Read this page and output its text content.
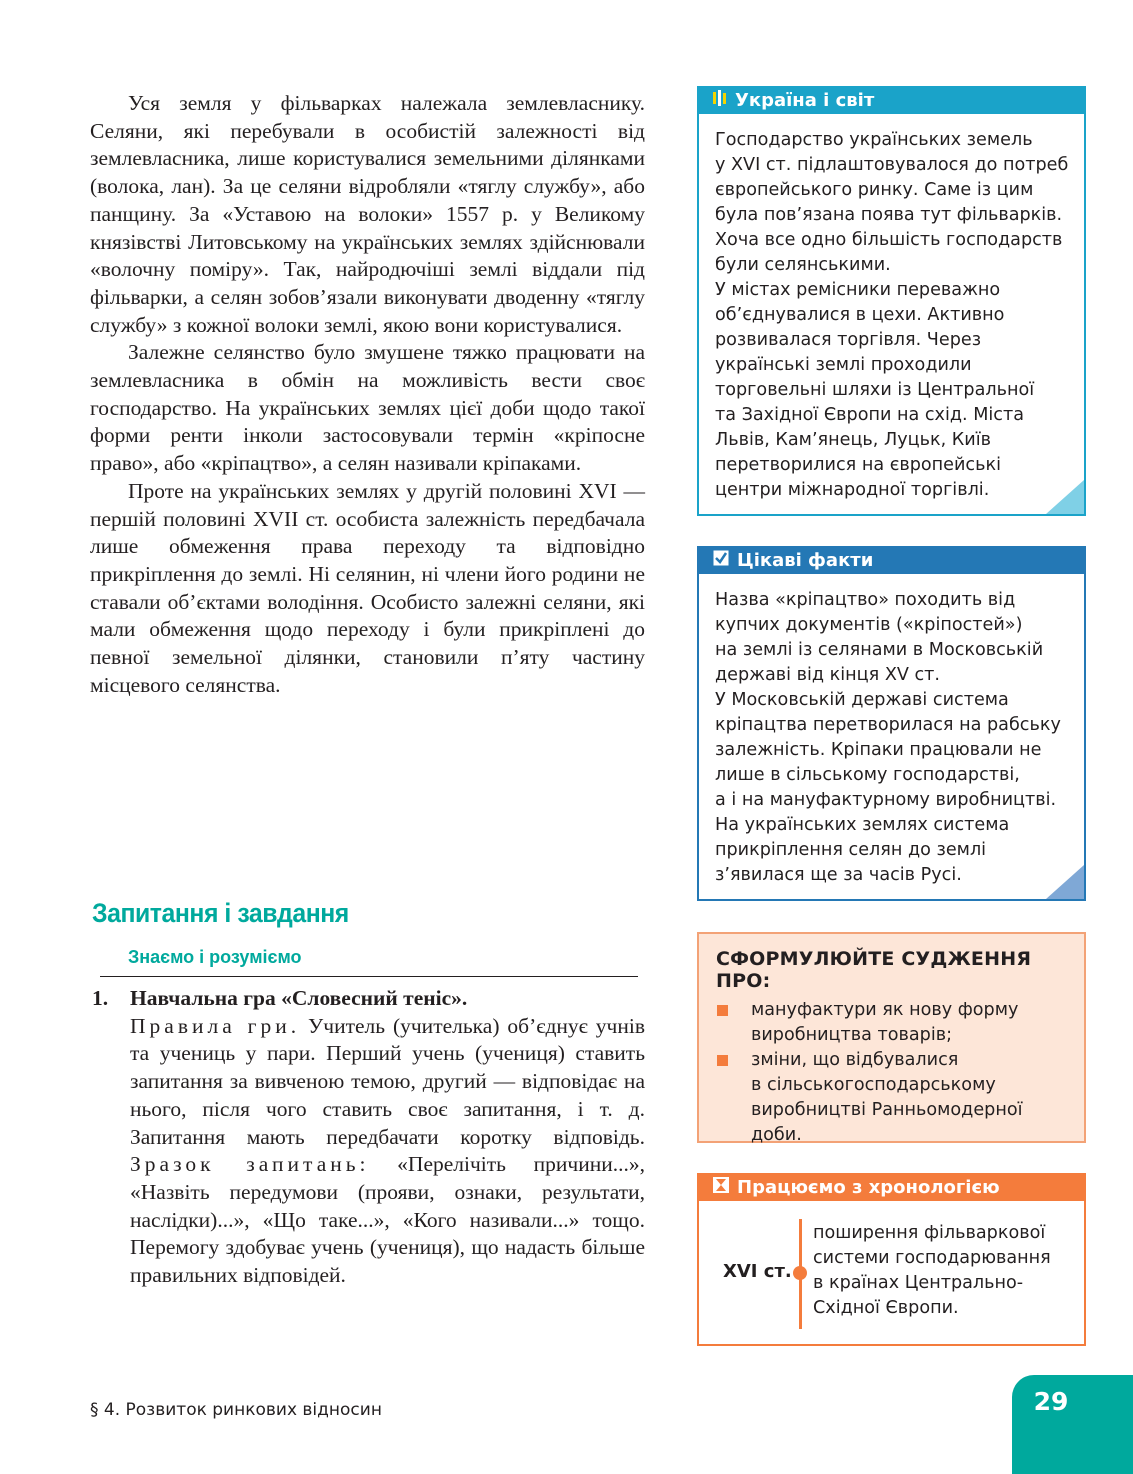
Уся земля у фільварках належала землевласнику. Селяни, які перебували в особистій залежності від землевласника, лише користувалися земельними ділянками (волока, лан). За це селяни відробляли «тяглу службу», або панщину. За «Уставою на волоки» 1557 р. у Великому князівстві Литовському на українських землях здійснювали «волочну поміру». Так, найродючіші землі віддали під фільварки, а селян зобов’язали виконувати дводенну «тяглу службу» з кожної волоки землі, якою вони користувалися.

Залежне селянство було змушене тяжко працювати на землевласника в обмін на можливість вести своє господарство. На українських землях цієї доби щодо такої форми ренти інколи застосовували термін «кріпосне право», або «кріпацтво», а селян називали кріпаками.

Проте на українських землях у другій половині XVI — першій половині XVII ст. особиста залежність передбачала лише обмеження права переходу та відповідно прикріплення до землі. Ні селянин, ні члени його родини не ставали об’єктами володіння. Особисто залежні селяни, які мали обмеження щодо переходу і були прикріплені до певної земельної ділянки, становили п’яту частину місцевого селянства.

Запитання і завдання
Знаємо і розуміємо
1. Навчальна гра «Словесний теніс».
Правила гри. Учитель (учителька) об’єднує учнів та учениць у пари. Перший учень (учениця) ставить запитання за вивченою темою, другий — відповідає на нього, після чого ставить своє запитання, і т. д. Запитання мають передбачати коротку відповідь. Зразок запитань: «Перелічіть причини...», «Назвіть передумови (прояви, ознаки, результати, наслідки)...», «Що таке...», «Кого називали...» тощо. Перемогу здобуває учень (учениця), що надасть більше правильних відповідей.
Україна і світ
Господарство українських земель
у XVI ст. підлаштовувалося до потреб
європейського ринку. Саме із цим
була пов’язана поява тут фільварків.
Хоча все одно більшість господарств
були селянськими.
У містах ремісники переважно
об’єднувалися в цехи. Активно
розвивалася торгівля. Через
українські землі проходили
торговельні шляхи із Центральної
та Західної Європи на схід. Міста
Львів, Кам’янець, Луцьк, Київ
перетворилися на європейські
центри міжнародної торгівлі.
Цікаві факти
Назва «кріпацтво» походить від
купчих документів («кріпостей»)
на землі із селянами в Московській
державі від кінця XV ст.
У Московській державі система
кріпацтва перетворилася на рабську
залежність. Кріпаки працювали не
лише в сільському господарстві,
а і на мануфактурному виробництві.
На українських землях система
прикріплення селян до землі
з’явилася ще за часів Русі.
СФОРМУЛЮЙТЕ СУДЖЕННЯ ПРО:
мануфактури як нову форму
виробництва товарів;
зміни, що відбувалися
в сільськогосподарському
виробництві Ранньомодерної
доби.
Працюємо з хронологією
XVI ст.
поширення фільваркової
системи господарювання
в країнах Центрально-
Східної Європи.
§ 4. Розвиток ринкових відносин	29
